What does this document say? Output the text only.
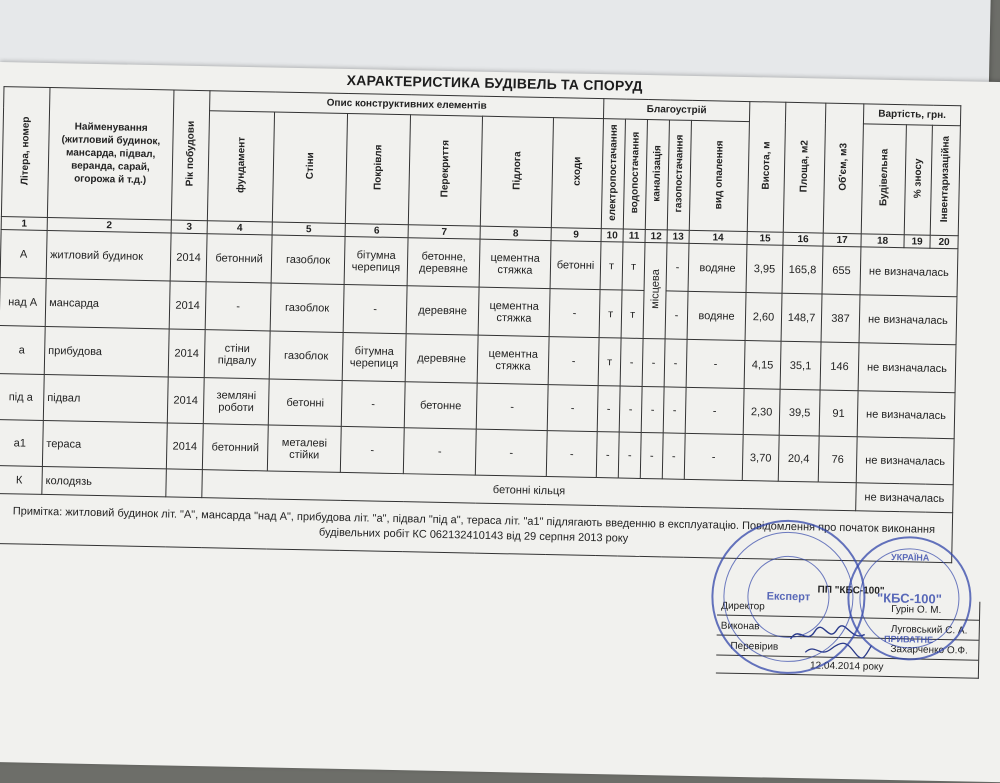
ХАРАКТЕРИСТИКА БУДІВЕЛЬ ТА СПОРУД
Літера, номер	Найменування (житловий будинок, мансарда, підвал, веранда, сарай, огорожа й т.д.)	Рік побудови	Опис конструктивних елементів						Благоустрій					Висота, м	Площа, м2	Об'єм, м3	Вартість, грн.		
			фундамент	Стіни	Покрівля	Перекриття	Підлога	сходи	електропостачання	водопостачання	каналізація	газопостачання	вид опалення				Будівельна	% зносу	Інвентаризаційна
1	2	3	4	5	6	7	8	9	10	11	12	13	14	15	16	17	18	19	20
А	житловий будинок	2014	бетонний	газоблок	бітумна черепиця	бетонне, деревяне	цементна стяжка	бетонні	т	т	місцева	-	водяне	3,95	165,8	655	не визначалась		
над А	мансарда	2014	-	газоблок	-	деревяне	цементна стяжка	-	т	т		-	водяне	2,60	148,7	387	не визначалась		
а	прибудова	2014	стіни підвалу	газоблок	бітумна черепиця	деревяне	цементна стяжка	-	т	-	-	-	-	4,15	35,1	146	не визначалась		
під а	підвал	2014	земляні роботи	бетонні	-	бетонне	-	-	-	-	-	-	-	2,30	39,5	91	не визначалась		
а1	тераса	2014	бетонний	металеві стійки	-	-	-	-	-	-	-	-	-	3,70	20,4	76	не визначалась		
К	колодязь		бетонні кільця														не визначалась		
Примітка: житловий будинок літ. "А", мансарда "над А", прибудова літ. "а", підвал "під а", тераса літ. "а1" підлягають введенню в експлуатацію. Повідомлення про початок виконання будівельних робіт КС 062132410143 від 29 серпня 2013 року																			
ПП "КБС-100"
Директор	Гурін О. М.
Виконав	Луговський С. А.
Перевірив	Захарченко О.Ф.
12.04.2014 року
Експерт
УКРАЇНА
"КБС-100"
ПРИВАТНЕ
